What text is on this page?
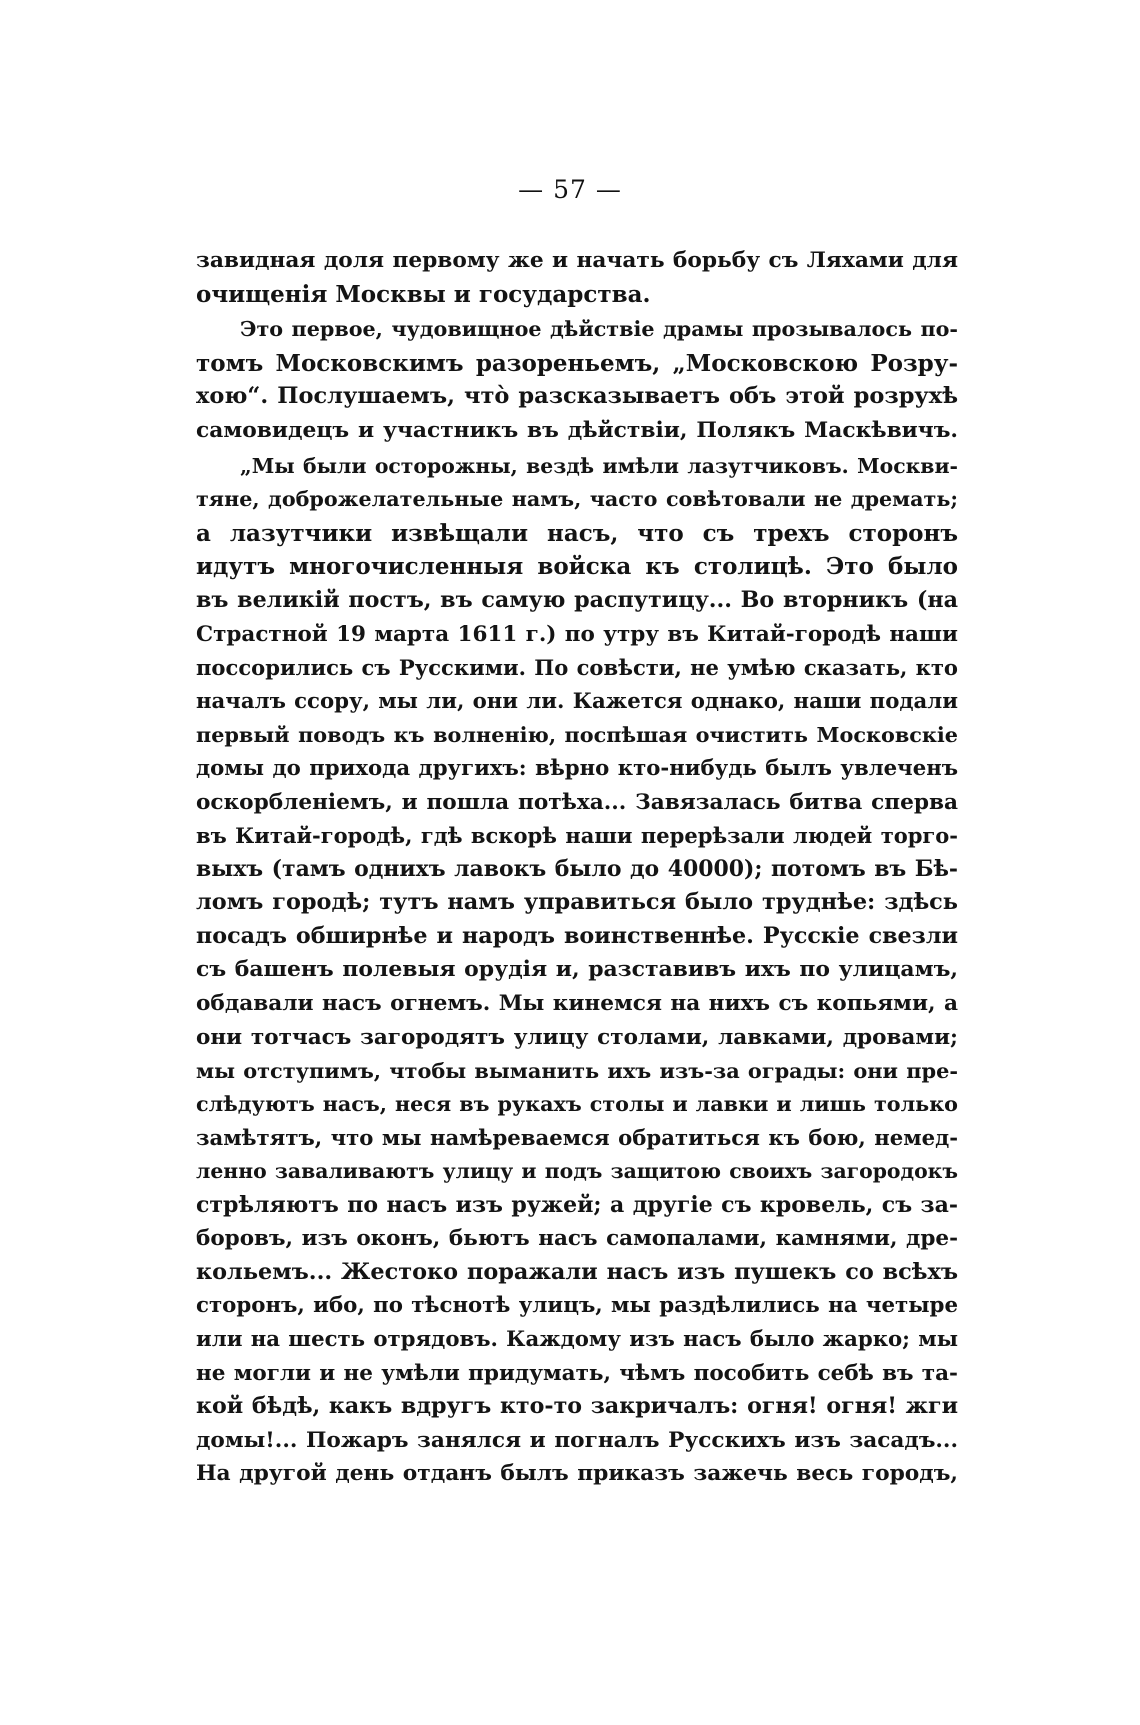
— 57 —
завидная доля первому же и начать борьбу съ Ляхами для
очищенія Москвы и государства.
Это первое, чудовищное дѣйствіе драмы прозывалось по-
томъ Московскимъ разореньемъ, „Московскою Розру-
хою“. Послушаемъ, что̀ разсказываетъ объ этой розрухѣ
самовидецъ и участникъ въ дѣйствіи, Полякъ Маскѣвичъ.
„Мы были осторожны, вездѣ имѣли лазутчиковъ. Москви-
тяне, доброжелательные намъ, часто совѣтовали не дремать;
а лазутчики извѣщали насъ, что съ трехъ сторонъ
идутъ многочисленныя войска къ столицѣ. Это было
въ великій постъ, въ самую распутицу... Во вторникъ (на
Страстной 19 марта 1611 г.) по утру въ Китай-городѣ наши
поссорились съ Русскими. По совѣсти, не умѣю сказать, кто
началъ ссору, мы ли, они ли. Кажется однако, наши подали
первый поводъ къ волненію, поспѣшая очистить Московскіе
домы до прихода другихъ: вѣрно кто-нибудь былъ увлеченъ
оскорбленіемъ, и пошла потѣха... Завязалась битва сперва
въ Китай-городѣ, гдѣ вскорѣ наши перерѣзали людей торго-
выхъ (тамъ однихъ лавокъ было до 40000); потомъ въ Бѣ-
ломъ городѣ; тутъ намъ управиться было труднѣе: здѣсь
посадъ обширнѣе и народъ воинственнѣе. Русскіе свезли
съ башенъ полевыя орудія и, разставивъ ихъ по улицамъ,
обдавали насъ огнемъ. Мы кинемся на нихъ съ копьями, а
они тотчасъ загородятъ улицу столами, лавками, дровами;
мы отступимъ, чтобы выманить ихъ изъ-за ограды: они пре-
слѣдуютъ насъ, неся въ рукахъ столы и лавки и лишь только
замѣтятъ, что мы намѣреваемся обратиться къ бою, немед-
ленно заваливаютъ улицу и подъ защитою своихъ загородокъ
стрѣляютъ по насъ изъ ружей; а другіе съ кровель, съ за-
боровъ, изъ оконъ, бьютъ насъ самопалами, камнями, дре-
кольемъ... Жестоко поражали насъ изъ пушекъ со всѣхъ
сторонъ, ибо, по тѣснотѣ улицъ, мы раздѣлились на четыре
или на шесть отрядовъ. Каждому изъ насъ было жарко; мы
не могли и не умѣли придумать, чѣмъ пособить себѣ въ та-
кой бѣдѣ, какъ вдругъ кто-то закричалъ: огня! огня! жги
домы!... Пожаръ занялся и погналъ Русскихъ изъ засадъ...
На другой день отданъ былъ приказъ зажечь весь городъ,
